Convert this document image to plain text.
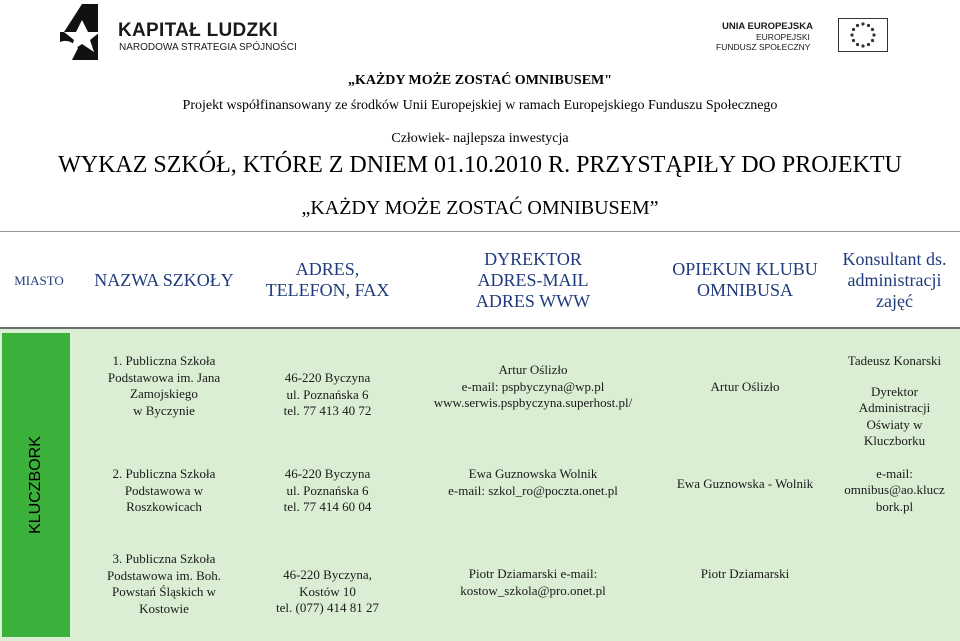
KAPITAŁ LUDZKI
NARODOWA STRATEGIA SPÓJNOŚCI
UNIA EUROPEJSKA
EUROPEJSKI
FUNDUSZ SPOŁECZNY
„KAŻDY MOŻE ZOSTAĆ OMNIBUSEM"
Projekt współfinansowany ze środków Unii Europejskiej w ramach Europejskiego Funduszu Społecznego
Człowiek- najlepsza inwestycja
WYKAZ SZKÓŁ, KTÓRE Z DNIEM 01.10.2010 R. PRZYSTĄPIŁY DO PROJEKTU
„KAŻDY MOŻE ZOSTAĆ OMNIBUSEM”
MIASTO NAZWA SZKOŁY
ADRES,
TELEFON, FAX
DYREKTOR
ADRES-MAIL
ADRES WWW
OPIEKUN KLUBU
OMNIBUSA
Konsultant ds.
administracji
zajęć
KLUCZBORK
1. Publiczna Szkoła
Podstawowa im. Jana
Zamojskiego
w Byczynie
46-220 Byczyna
ul. Poznańska 6
tel. 77 413 40 72
Artur Oślizło
e-mail: pspbyczyna@wp.pl
www.serwis.pspbyczyna.superhost.pl/
Artur Oślizło
2. Publiczna Szkoła
Podstawowa w
Roszkowicach
46-220 Byczyna
ul. Poznańska 6
tel. 77 414 60 04
Ewa Guznowska Wolnik
e-mail: szkol_ro@poczta.onet.pl	Ewa Guznowska - Wolnik
3. Publiczna Szkoła
Podstawowa im. Boh.
Powstań Śląskich w
Kostowie
46-220 Byczyna,
Kostów 10
tel. (077) 414 81 27
Piotr Dziamarski e-mail:
kostow_szkola@pro.onet.pl
Piotr Dziamarski
Tadeusz Konarski
Dyrektor
Administracji
Oświaty w
Kluczborku
e-mail:
omnibus@ao.klucz
bork.pl
